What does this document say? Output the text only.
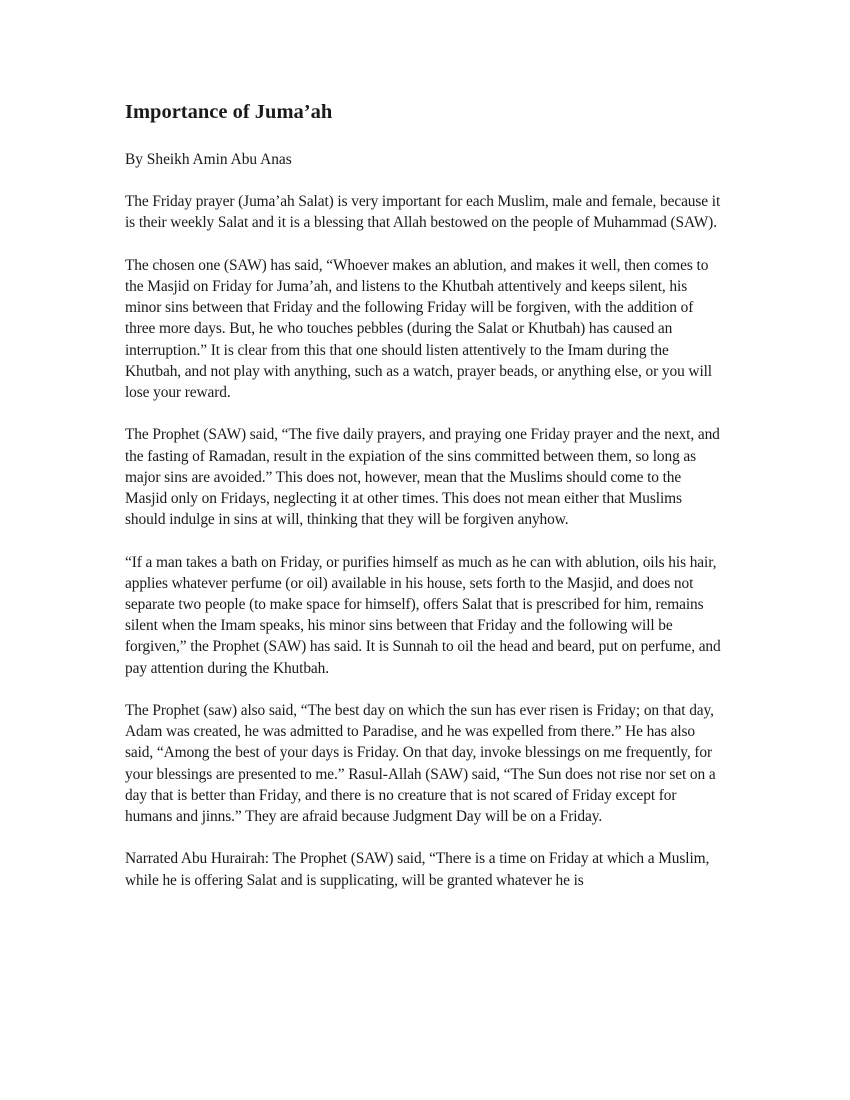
Importance of Juma’ah

By Sheikh Amin Abu Anas

The Friday prayer (Juma’ah Salat) is very important for each Muslim, male and female, because it is their weekly Salat and it is a blessing that Allah bestowed on the people of Muhammad (SAW).

The chosen one (SAW) has said, “Whoever makes an ablution, and makes it well, then comes to the Masjid on Friday for Juma’ah, and listens to the Khutbah attentively and keeps silent, his minor sins between that Friday and the following Friday will be forgiven, with the addition of three more days. But, he who touches pebbles (during the Salat or Khutbah) has caused an interruption.” It is clear from this that one should listen attentively to the Imam during the Khutbah, and not play with anything, such as a watch, prayer beads, or anything else, or you will lose your reward.

The Prophet (SAW) said, “The five daily prayers, and praying one Friday prayer and the next, and the fasting of Ramadan, result in the expiation of the sins committed between them, so long as major sins are avoided.” This does not, however, mean that the Muslims should come to the Masjid only on Fridays, neglecting it at other times. This does not mean either that Muslims should indulge in sins at will, thinking that they will be forgiven anyhow.

“If a man takes a bath on Friday, or purifies himself as much as he can with ablution, oils his hair, applies whatever perfume (or oil) available in his house, sets forth to the Masjid, and does not separate two people (to make space for himself), offers Salat that is prescribed for him, remains silent when the Imam speaks, his minor sins between that Friday and the following will be forgiven,” the Prophet (SAW) has said. It is Sunnah to oil the head and beard, put on perfume, and pay attention during the Khutbah.

The Prophet (saw) also said, “The best day on which the sun has ever risen is Friday; on that day, Adam was created, he was admitted to Paradise, and he was expelled from there.” He has also said, “Among the best of your days is Friday. On that day, invoke blessings on me frequently, for your blessings are presented to me.” Rasul-Allah (SAW) said, “The Sun does not rise nor set on a day that is better than Friday, and there is no creature that is not scared of Friday except for humans and jinns.” They are afraid because Judgment Day will be on a Friday.

Narrated Abu Hurairah: The Prophet (SAW) said, “There is a time on Friday at which a Muslim, while he is offering Salat and is supplicating, will be granted whatever he is
